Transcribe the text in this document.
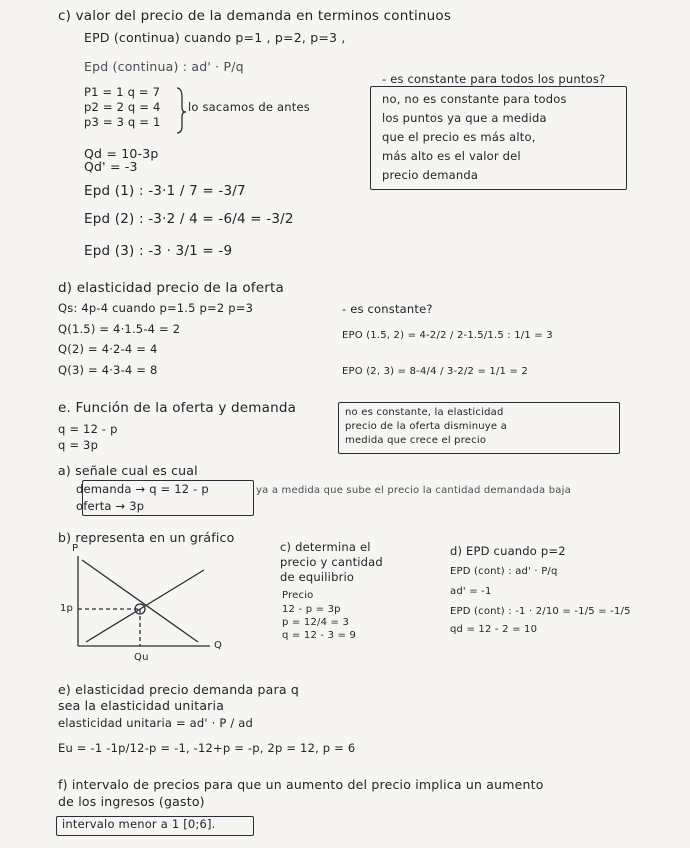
c) valor del precio de la demanda en terminos continuos
EPD (continua) cuando p=1 , p=2, p=3 ,
Epd (continua) : ad' · P/q
P1 = 1 q = 7
p2 = 2 q = 4
p3 = 3 q = 1
lo sacamos de antes
Qd = 10-3p
Qd' = -3
Epd (1) : -3·1 / 7 = -3/7
Epd (2) : -3·2 / 4 = -6/4 = -3/2
Epd (3) : -3 · 3/1 = -9
- es constante para todos los puntos?
no, no es constante para todos
los puntos ya que a medida
que el precio es más alto,
más alto es el valor del
precio demanda
d) elasticidad precio de la oferta
Qs: 4p-4 cuando p=1.5 p=2 p=3
Q(1.5) = 4·1.5-4 = 2
Q(2) = 4·2-4 = 4
Q(3) = 4·3-4 = 8
- es constante?
EPO (1.5, 2) = 4-2/2 / 2-1.5/1.5 : 1/1 = 3
EPO (2, 3) = 8-4/4 / 3-2/2 = 1/1 = 2
no es constante, la elasticidad
precio de la oferta disminuye a
medida que crece el precio
e. Función de la oferta y demanda
q = 12 - p
q = 3p
a) señale cual es cual
demanda → q = 12 - p	ya a medida que sube el precio la cantidad demandada baja
oferta → 3p
b) representa en un gráfico
P
Q
1p
Qu
c) determina el
precio y cantidad
de equilibrio
Precio
12 - p = 3p
p = 12/4 = 3
q = 12 - 3 = 9
d) EPD cuando p=2
EPD (cont) : ad' · P/q
ad' = -1
EPD (cont) : -1 · 2/10 = -1/5 = -1/5
qd = 12 - 2 = 10
e) elasticidad precio demanda para q
sea la elasticidad unitaria
elasticidad unitaria = ad' · P / ad
Eu = -1 -1p/12-p = -1, -12+p = -p, 2p = 12, p = 6
f) intervalo de precios para que un aumento del precio implica un aumento
de los ingresos (gasto)
intervalo menor a 1 [0;6].
